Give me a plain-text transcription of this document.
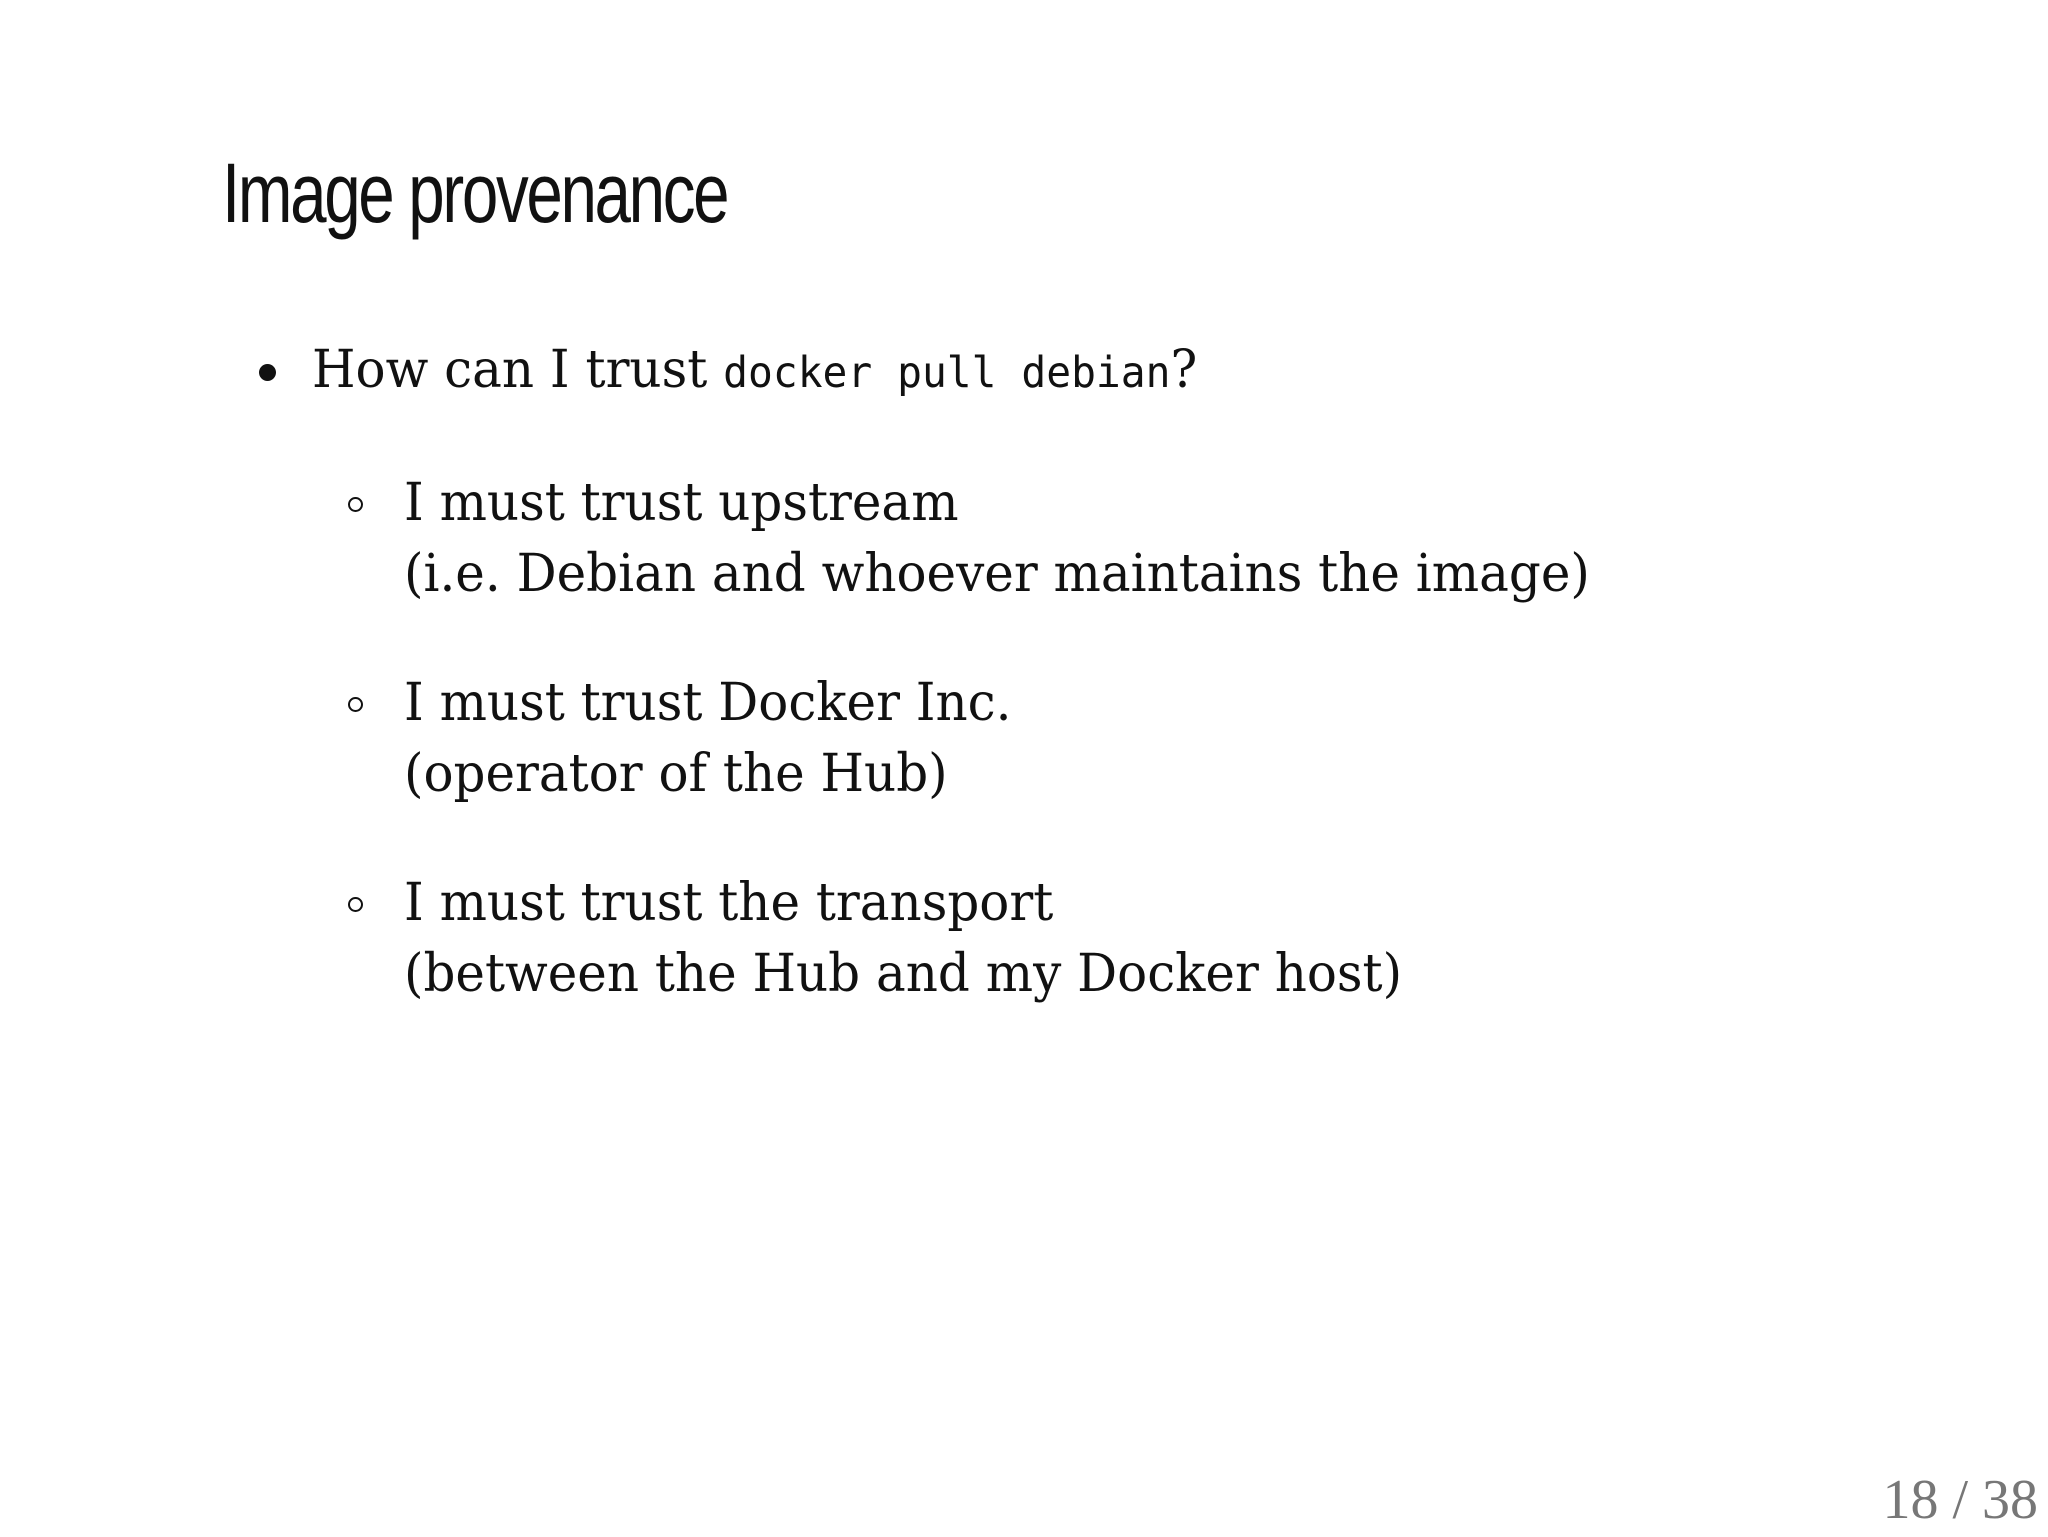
Image provenance
How can I trust docker pull debian?
I must trust upstream
(i.e. Debian and whoever maintains the image)
I must trust Docker Inc.
(operator of the Hub)
I must trust the transport
(between the Hub and my Docker host)
18 / 38
